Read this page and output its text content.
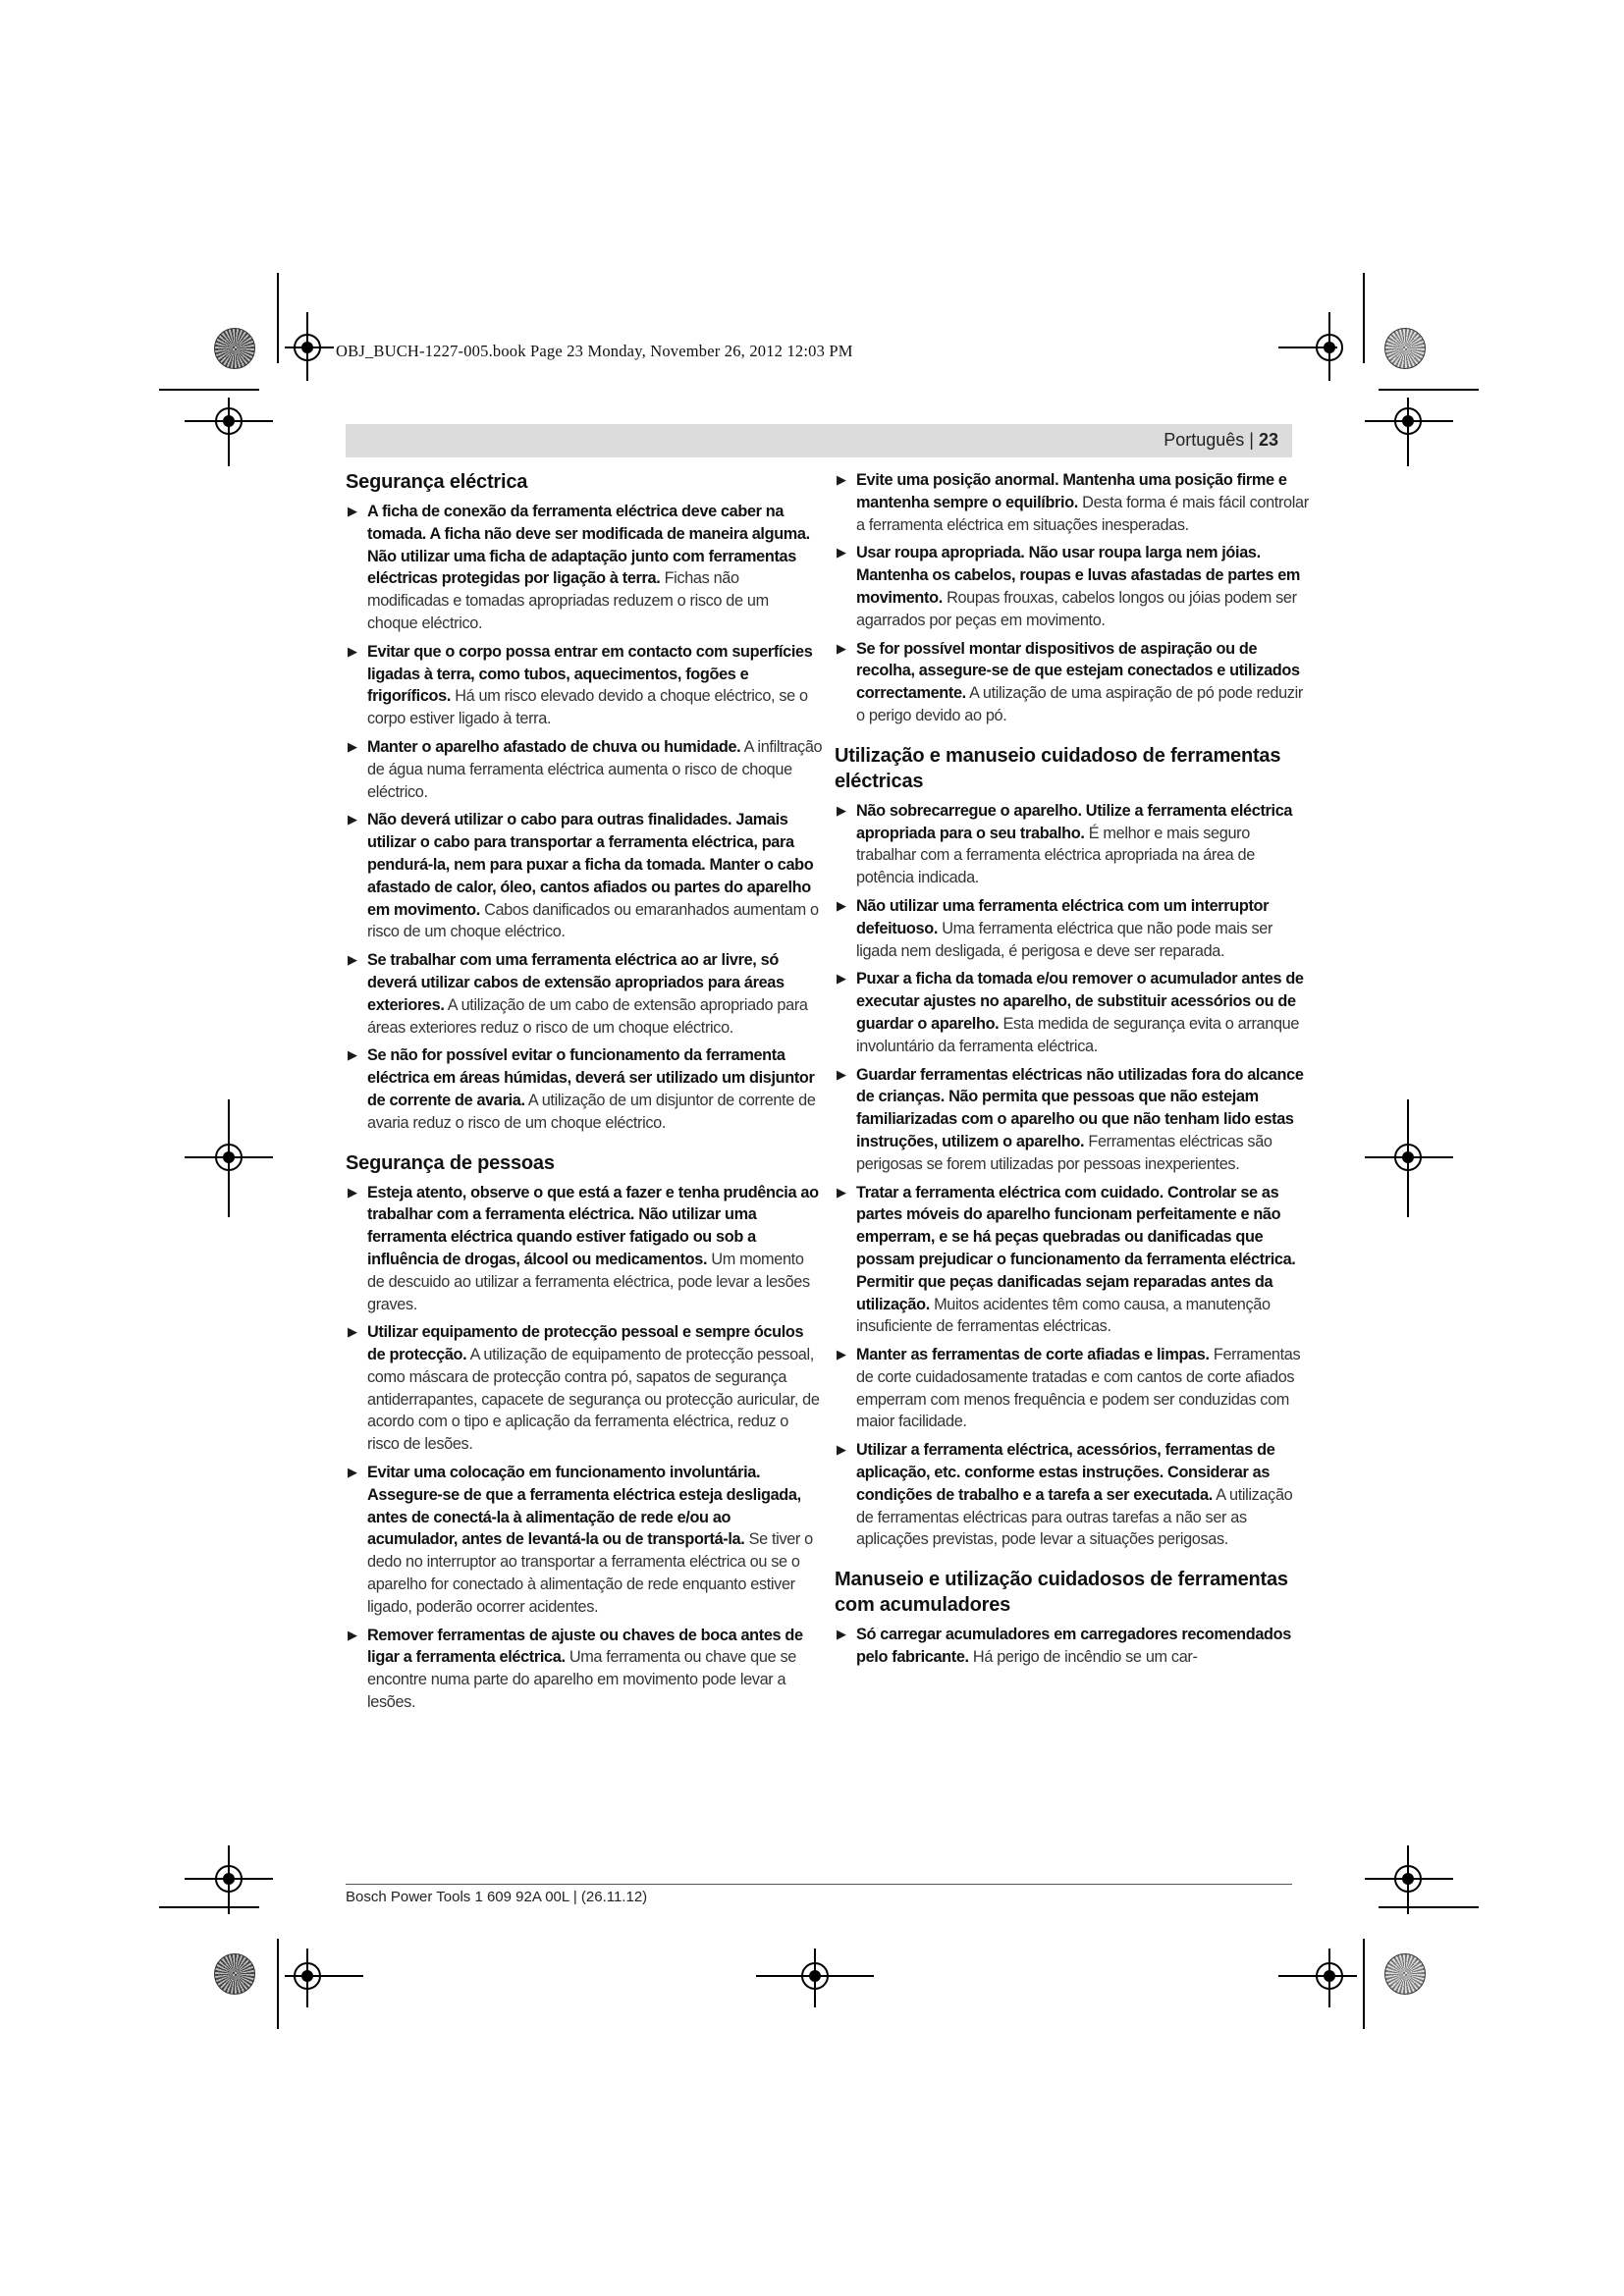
OBJ_BUCH-1227-005.book Page 23 Monday, November 26, 2012 12:03 PM
Português | 23
Segurança eléctrica
▶ A ficha de conexão da ferramenta eléctrica deve caber na tomada. A ficha não deve ser modificada de maneira alguma. Não utilizar uma ficha de adaptação junto com ferramentas eléctricas protegidas por ligação à terra. Fichas não modificadas e tomadas apropriadas reduzem o risco de um choque eléctrico.
▶ Evitar que o corpo possa entrar em contacto com superfícies ligadas à terra, como tubos, aquecimentos, fogões e frigoríficos. Há um risco elevado devido a choque eléctrico, se o corpo estiver ligado à terra.
▶ Manter o aparelho afastado de chuva ou humidade. A infiltração de água numa ferramenta eléctrica aumenta o risco de choque eléctrico.
▶ Não deverá utilizar o cabo para outras finalidades. Jamais utilizar o cabo para transportar a ferramenta eléctrica, para pendurá-la, nem para puxar a ficha da tomada. Manter o cabo afastado de calor, óleo, cantos afiados ou partes do aparelho em movimento. Cabos danificados ou emaranhados aumentam o risco de um choque eléctrico.
▶ Se trabalhar com uma ferramenta eléctrica ao ar livre, só deverá utilizar cabos de extensão apropriados para áreas exteriores. A utilização de um cabo de extensão apropriado para áreas exteriores reduz o risco de um choque eléctrico.
▶ Se não for possível evitar o funcionamento da ferramenta eléctrica em áreas húmidas, deverá ser utilizado um disjuntor de corrente de avaria. A utilização de um disjuntor de corrente de avaria reduz o risco de um choque eléctrico.
Segurança de pessoas
▶ Esteja atento, observe o que está a fazer e tenha prudência ao trabalhar com a ferramenta eléctrica. Não utilizar uma ferramenta eléctrica quando estiver fatigado ou sob a influência de drogas, álcool ou medicamentos. Um momento de descuido ao utilizar a ferramenta eléctrica, pode levar a lesões graves.
▶ Utilizar equipamento de protecção pessoal e sempre óculos de protecção. A utilização de equipamento de protecção pessoal, como máscara de protecção contra pó, sapatos de segurança antiderrapantes, capacete de segurança ou protecção auricular, de acordo com o tipo e aplicação da ferramenta eléctrica, reduz o risco de lesões.
▶ Evitar uma colocação em funcionamento involuntária. Assegure-se de que a ferramenta eléctrica esteja desligada, antes de conectá-la à alimentação de rede e/ou ao acumulador, antes de levantá-la ou de transportá-la. Se tiver o dedo no interruptor ao transportar a ferramenta eléctrica ou se o aparelho for conectado à alimentação de rede enquanto estiver ligado, poderão ocorrer acidentes.
▶ Remover ferramentas de ajuste ou chaves de boca antes de ligar a ferramenta eléctrica. Uma ferramenta ou chave que se encontre numa parte do aparelho em movimento pode levar a lesões.
▶ Evite uma posição anormal. Mantenha uma posição firme e mantenha sempre o equilíbrio. Desta forma é mais fácil controlar a ferramenta eléctrica em situações inesperadas.
▶ Usar roupa apropriada. Não usar roupa larga nem jóias. Mantenha os cabelos, roupas e luvas afastadas de partes em movimento. Roupas frouxas, cabelos longos ou jóias podem ser agarrados por peças em movimento.
▶ Se for possível montar dispositivos de aspiração ou de recolha, assegure-se de que estejam conectados e utilizados correctamente. A utilização de uma aspiração de pó pode reduzir o perigo devido ao pó.
Utilização e manuseio cuidadoso de ferramentas eléctricas
▶ Não sobrecarregue o aparelho. Utilize a ferramenta eléctrica apropriada para o seu trabalho. É melhor e mais seguro trabalhar com a ferramenta eléctrica apropriada na área de potência indicada.
▶ Não utilizar uma ferramenta eléctrica com um interruptor defeituoso. Uma ferramenta eléctrica que não pode mais ser ligada nem desligada, é perigosa e deve ser reparada.
▶ Puxar a ficha da tomada e/ou remover o acumulador antes de executar ajustes no aparelho, de substituir acessórios ou de guardar o aparelho. Esta medida de segurança evita o arranque involuntário da ferramenta eléctrica.
▶ Guardar ferramentas eléctricas não utilizadas fora do alcance de crianças. Não permita que pessoas que não estejam familiarizadas com o aparelho ou que não tenham lido estas instruções, utilizem o aparelho. Ferramentas eléctricas são perigosas se forem utilizadas por pessoas inexperientes.
▶ Tratar a ferramenta eléctrica com cuidado. Controlar se as partes móveis do aparelho funcionam perfeitamente e não emperram, e se há peças quebradas ou danificadas que possam prejudicar o funcionamento da ferramenta eléctrica. Permitir que peças danificadas sejam reparadas antes da utilização. Muitos acidentes têm como causa, a manutenção insuficiente de ferramentas eléctricas.
▶ Manter as ferramentas de corte afiadas e limpas. Ferramentas de corte cuidadosamente tratadas e com cantos de corte afiados emperram com menos frequência e podem ser conduzidas com maior facilidade.
▶ Utilizar a ferramenta eléctrica, acessórios, ferramentas de aplicação, etc. conforme estas instruções. Considerar as condições de trabalho e a tarefa a ser executada. A utilização de ferramentas eléctricas para outras tarefas a não ser as aplicações previstas, pode levar a situações perigosas.
Manuseio e utilização cuidadosos de ferramentas com acumuladores
▶ Só carregar acumuladores em carregadores recomendados pelo fabricante. Há perigo de incêndio se um car-
Bosch Power Tools 1 609 92A 00L | (26.11.12)
